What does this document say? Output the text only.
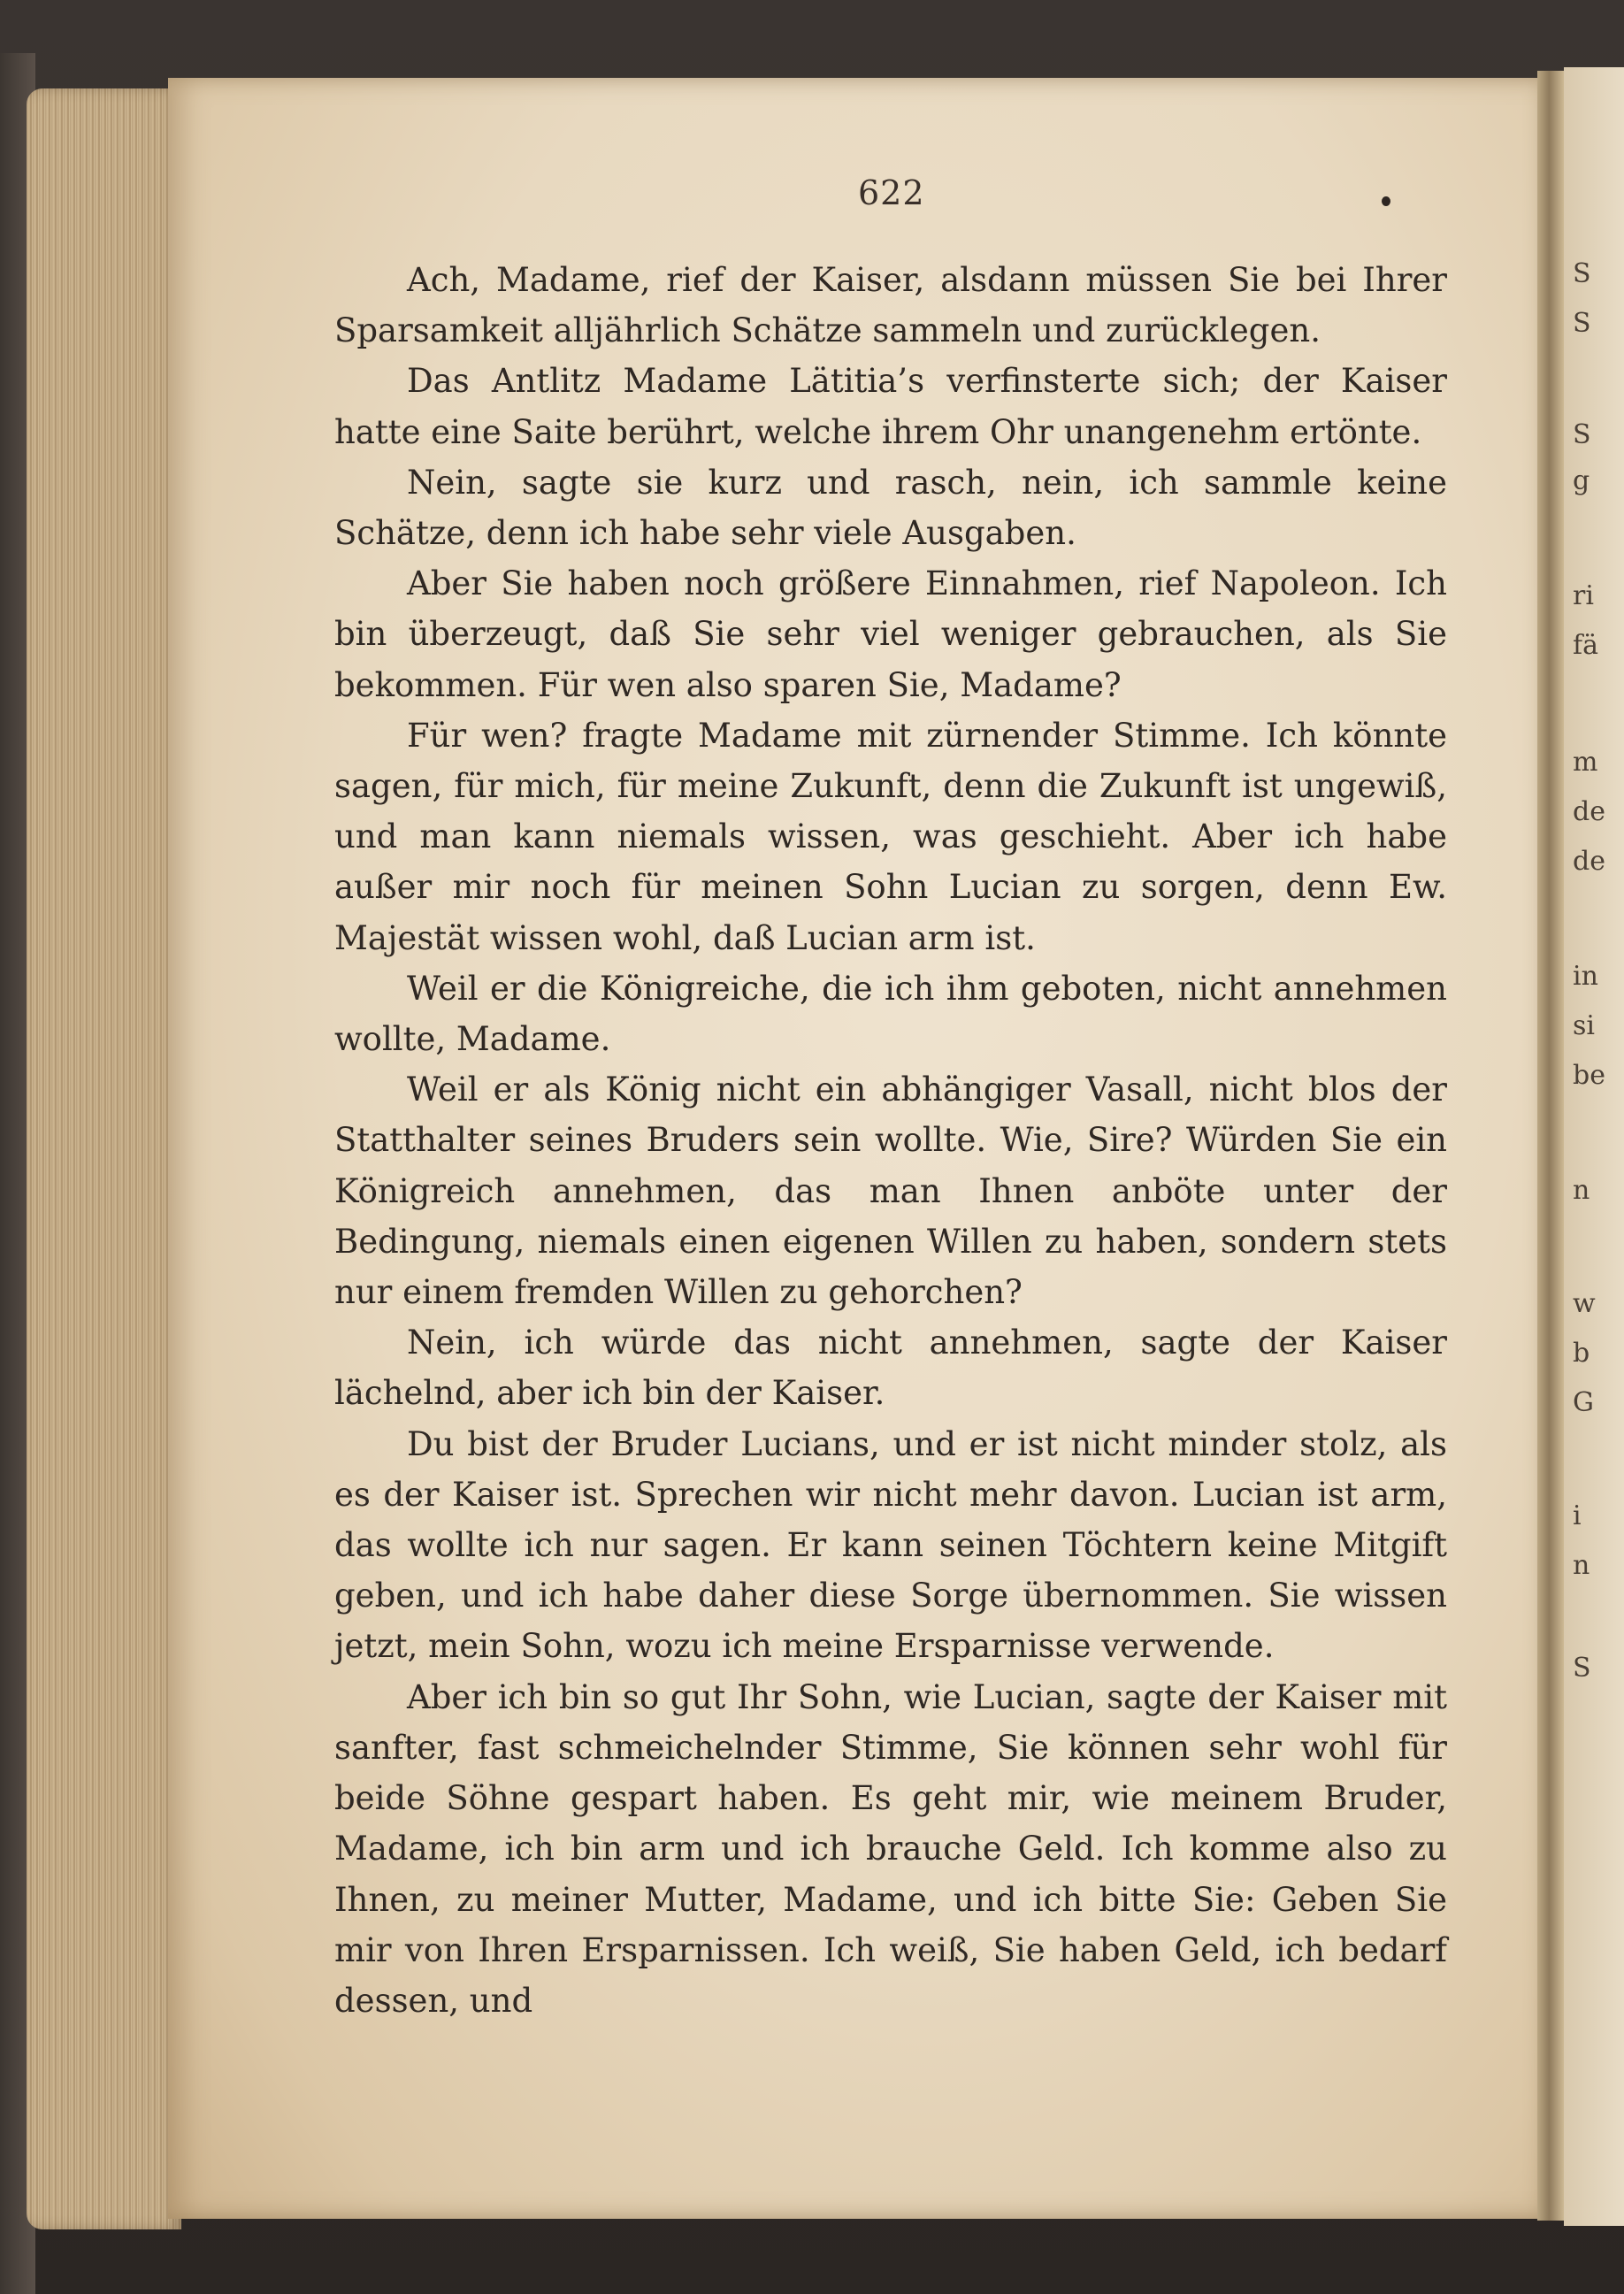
S
S
S
g
ri
fä
m
de
de
in
si
be
n
w
b
G
i
n
S
622

Ach, Madame, rief der Kaiser, alsdann müssen Sie bei Ihrer Sparsamkeit alljährlich Schätze sammeln und zurücklegen.

Das Antlitz Madame Lätitia’s verfinsterte sich; der Kaiser hatte eine Saite berührt, welche ihrem Ohr unangenehm ertönte.

Nein, sagte sie kurz und rasch, nein, ich sammle keine Schätze, denn ich habe sehr viele Ausgaben.

Aber Sie haben noch größere Einnahmen, rief Napoleon. Ich bin überzeugt, daß Sie sehr viel weniger gebrauchen, als Sie bekommen. Für wen also sparen Sie, Madame?

Für wen? fragte Madame mit zürnender Stimme. Ich könnte sagen, für mich, für meine Zukunft, denn die Zukunft ist ungewiß, und man kann niemals wissen, was geschieht. Aber ich habe außer mir noch für meinen Sohn Lucian zu sorgen, denn Ew. Majestät wissen wohl, daß Lucian arm ist.

Weil er die Königreiche, die ich ihm geboten, nicht annehmen wollte, Madame.

Weil er als König nicht ein abhängiger Vasall, nicht blos der Statthalter seines Bruders sein wollte. Wie, Sire? Würden Sie ein Königreich annehmen, das man Ihnen anböte unter der Bedingung, niemals einen eigenen Willen zu haben, sondern stets nur einem fremden Willen zu gehorchen?

Nein, ich würde das nicht annehmen, sagte der Kaiser lächelnd, aber ich bin der Kaiser.

Du bist der Bruder Lucians, und er ist nicht minder stolz, als es der Kaiser ist. Sprechen wir nicht mehr davon. Lucian ist arm, das wollte ich nur sagen. Er kann seinen Töchtern keine Mitgift geben, und ich habe daher diese Sorge übernommen. Sie wissen jetzt, mein Sohn, wozu ich meine Ersparnisse verwende.

Aber ich bin so gut Ihr Sohn, wie Lucian, sagte der Kaiser mit sanfter, fast schmeichelnder Stimme, Sie können sehr wohl für beide Söhne gespart haben. Es geht mir, wie meinem Bruder, Madame, ich bin arm und ich brauche Geld. Ich komme also zu Ihnen, zu meiner Mutter, Madame, und ich bitte Sie: Geben Sie mir von Ihren Ersparnissen. Ich weiß, Sie haben Geld, ich bedarf dessen, und
